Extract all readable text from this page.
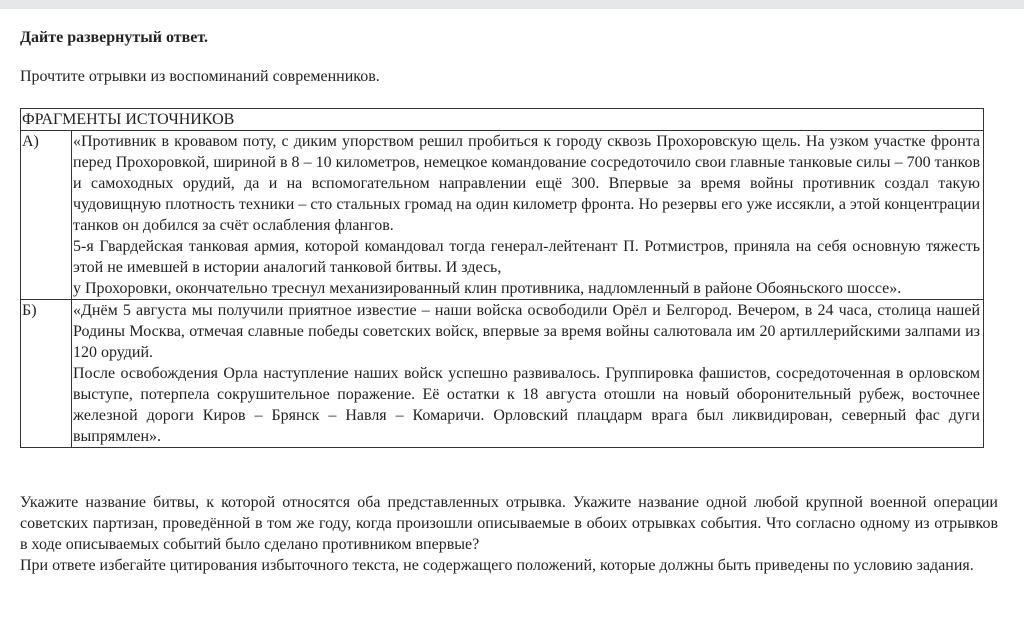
Дайте развернутый ответ.

Прочтите отрывки из воспоминаний современников.

ФРАГМЕНТЫ ИСТОЧНИКОВ	
А)	«Противник в кровавом поту, с диким упорством решил пробиться к городу сквозь Прохоровскую щель. На узком участке фронта перед Прохоровкой, шириной в 8 – 10 километров, немецкое командование сосредоточило свои главные танковые силы – 700 танков и самоходных орудий, да и на вспомогательном направлении ещё 300. Впервые за время войны противник создал такую чудовищную плотность техники – сто стальных громад на один километр фронта. Но резервы его уже иссякли, а этой концентрации танков он добился за счёт ослабления флангов.

5-я Гвардейская танковая армия, которой командовал тогда генерал-лейтенант П. Ротмистров, приняла на себя основную тяжесть этой не имевшей в истории аналогий танковой битвы. И здесь,

у Прохоровки, окончательно треснул механизированный клин противника, надломленный в районе Обояньского шоссе».

Б)	«Днём 5 августа мы получили приятное известие – наши войска освободили Орёл и Белгород. Вечером, в 24 часа, столица нашей Родины Москва, отмечая славные победы советских войск, впервые за время войны салютовала им 20 артиллерийскими залпами из 120 орудий.

После освобождения Орла наступление наших войск успешно развивалось. Группировка фашистов, сосредоточенная в орловском выступе, потерпела сокрушительное поражение. Её остатки к 18 августа отошли на новый оборонительный рубеж, восточнее железной дороги Киров – Брянск – Навля – Комаричи. Орловский плацдарм врага был ликвидирован, северный фас дуги выпрямлен».

Укажите название битвы, к которой относятся оба представленных отрывка. Укажите название одной любой крупной военной операции советских партизан, проведённой в том же году, когда произошли описываемые в обоих отрывках события. Что согласно одному из отрывков в ходе описываемых событий было сделано противником впервые?

При ответе избегайте цитирования избыточного текста, не содержащего положений, которые должны быть приведены по условию задания.
